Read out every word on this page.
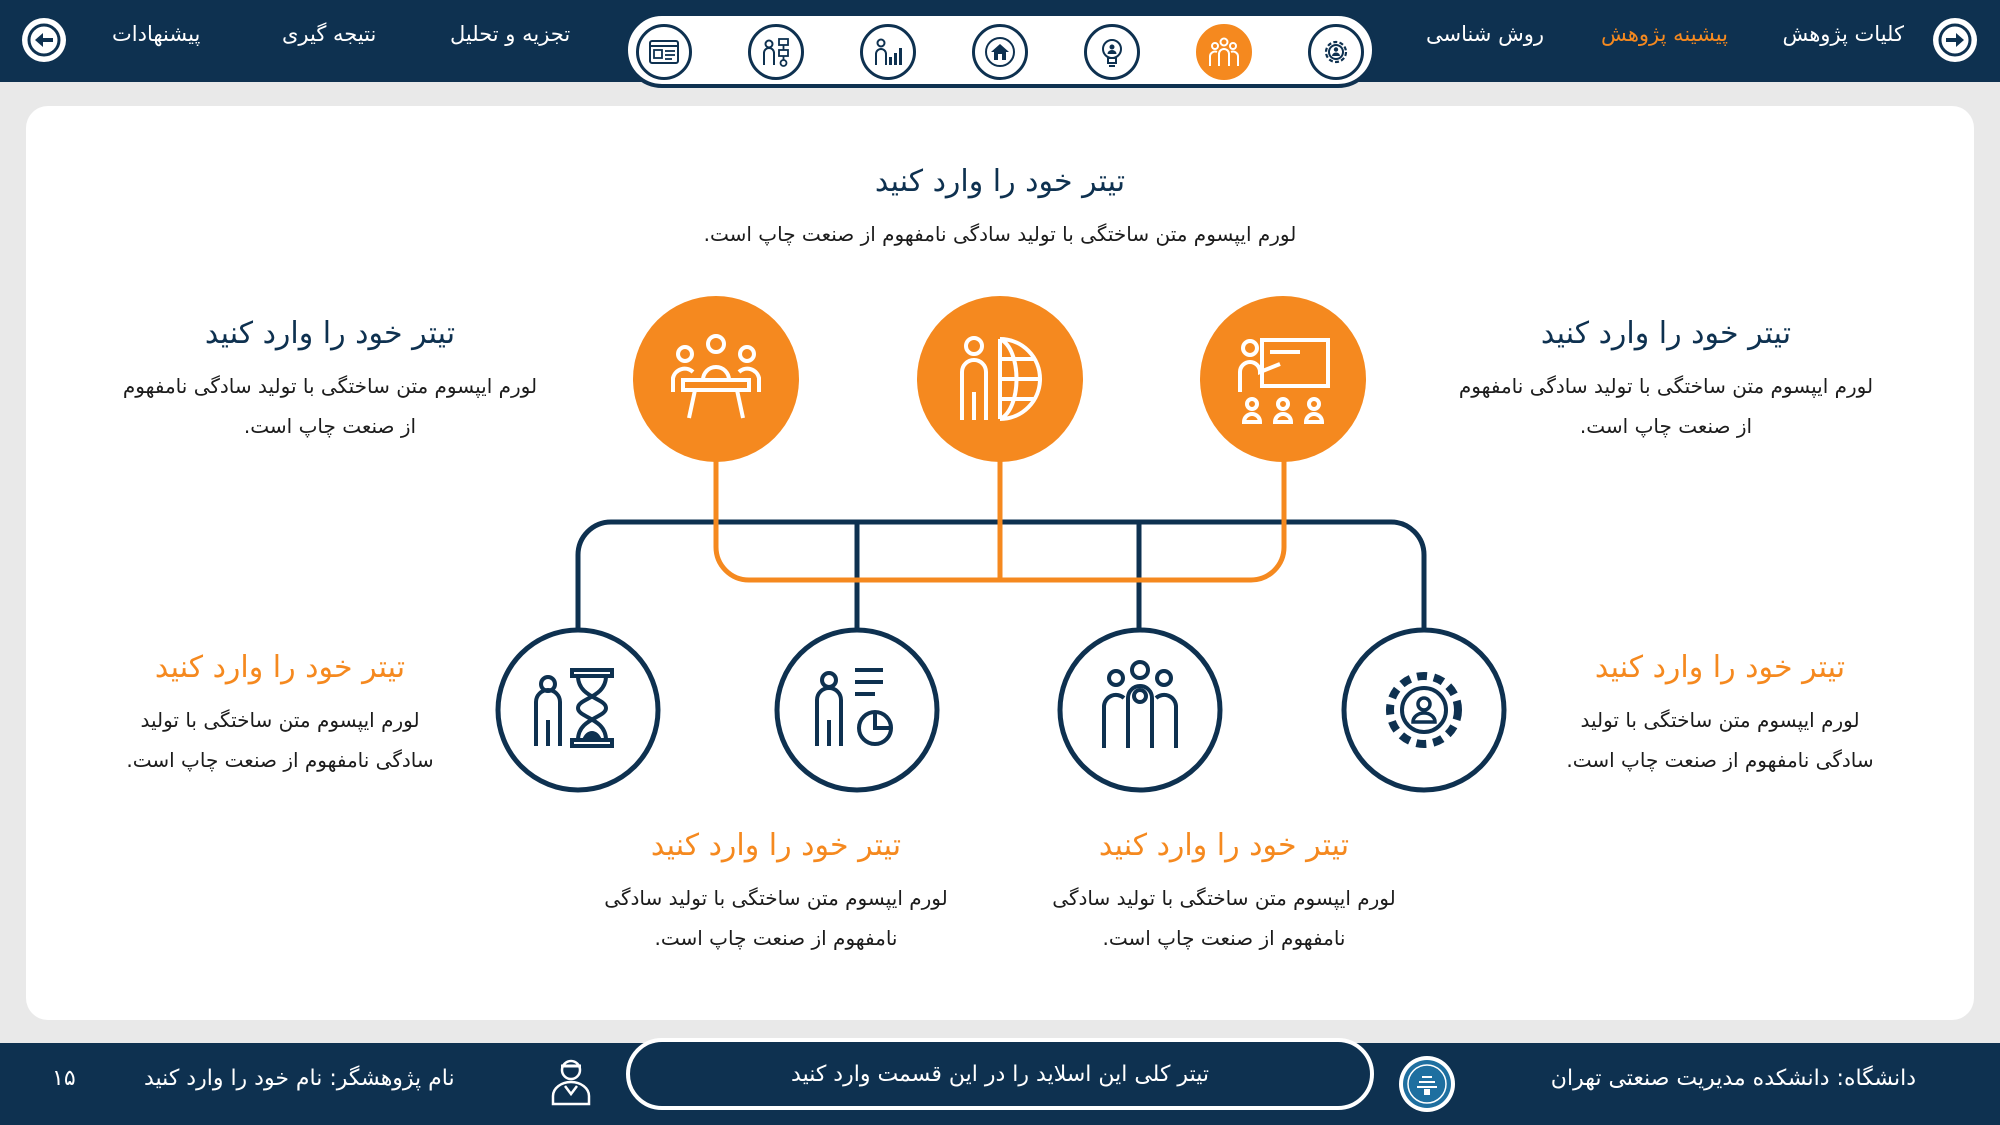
کلیات پژوهش
پیشینه پژوهش
روش شناسی
تجزیه و تحلیل
نتیجه گیری
پیشنهادات
تیتر خود را وارد کنید
لورم ایپسوم متن ساختگی با تولید سادگی نامفهوم از صنعت چاپ است.
تیتر خود را وارد کنید
لورم ایپسوم متن ساختگی با تولید سادگی نامفهوم
از صنعت چاپ است.
تیتر خود را وارد کنید
لورم ایپسوم متن ساختگی با تولید سادگی نامفهوم
از صنعت چاپ است.
تیتر خود را وارد کنید
لورم ایپسوم متن ساختگی با تولید
سادگی نامفهوم از صنعت چاپ است.
تیتر خود را وارد کنید
لورم ایپسوم متن ساختگی با تولید
سادگی نامفهوم از صنعت چاپ است.
تیتر خود را وارد کنید
لورم ایپسوم متن ساختگی با تولید سادگی
نامفهوم از صنعت چاپ است.
تیتر خود را وارد کنید
لورم ایپسوم متن ساختگی با تولید سادگی
نامفهوم از صنعت چاپ است.
دانشگاه: دانشکده مدیریت صنعتی تهران
تیتر کلی این اسلاید را در این قسمت وارد کنید
نام پژوهشگر: نام خود را وارد کنید
۱۵
